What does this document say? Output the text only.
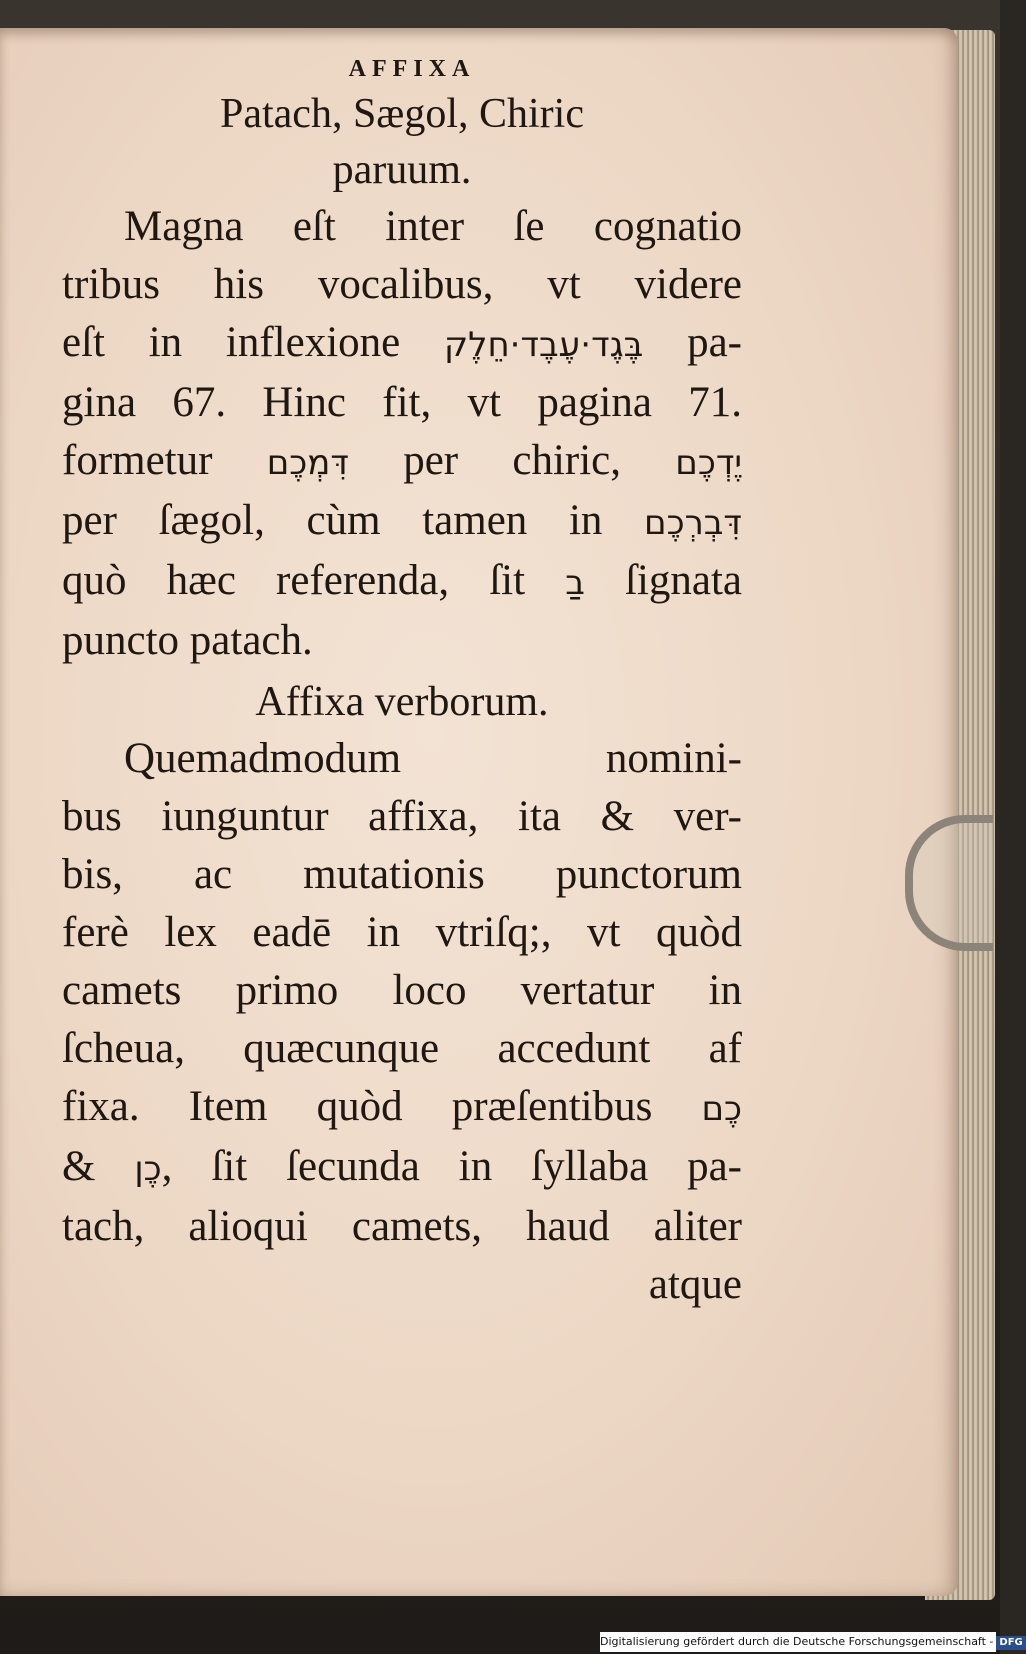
AFFIXA
Patach, Sægol, Chiric
paruum.
Magna eſt inter ſe cognatio
tribus his vocalibus, vt videre
eſt in inflexione בֶּגֶד·עֶבֶד·חֵלֶק pa-
gina 67. Hinc fit, vt pagina 71.
formetur דִּמְכֶם per chiric, יֶדְכֶם
per ſægol, cùm tamen in דִּבְרְכֶם
quò hæc referenda, ſit בַ ſignata
puncto patach.
Affixa verborum.
Quemadmodum nomini-
bus iunguntur affixa, ita & ver-
bis, ac mutationis punctorum
ferè lex eadē in vtriſq;, vt quòd
camets primo loco vertatur in
ſcheua, quæcunque accedunt af
fixa. Item quòd præſentibus כֶם
& כֶן, ſit ſecunda in ſyllaba pa-
tach, alioqui camets, haud aliter
atque
Digitalisierung gefördert durch die Deutsche Forschungsgemeinschaft - DFG
